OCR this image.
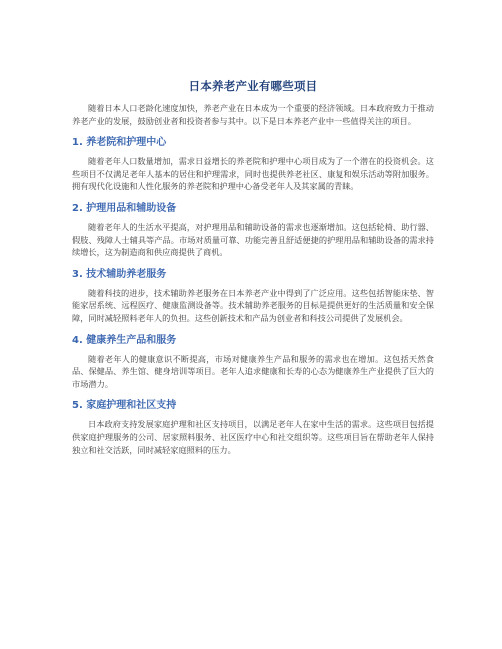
日本养老产业有哪些项目

随着日本人口老龄化速度加快，养老产业在日本成为一个重要的经济领域。日本政府致力于推动养老产业的发展，鼓励创业者和投资者参与其中。以下是日本养老产业中一些值得关注的项目。

1. 养老院和护理中心

随着老年人口数量增加，需求日益增长的养老院和护理中心项目成为了一个潜在的投资机会。这些项目不仅满足老年人基本的居住和护理需求，同时也提供养老社区、康复和娱乐活动等附加服务。拥有现代化设施和人性化服务的养老院和护理中心备受老年人及其家属的青睐。

2. 护理用品和辅助设备

随着老年人的生活水平提高，对护理用品和辅助设备的需求也逐渐增加。这包括轮椅、助行器、假肢、残障人士辅具等产品。市场对质量可靠、功能完善且舒适便捷的护理用品和辅助设备的需求持续增长，这为制造商和供应商提供了商机。

3. 技术辅助养老服务

随着科技的进步，技术辅助养老服务在日本养老产业中得到了广泛应用。这些包括智能床垫、智能家居系统、远程医疗、健康监测设备等。技术辅助养老服务的目标是提供更好的生活质量和安全保障，同时减轻照料老年人的负担。这些创新技术和产品为创业者和科技公司提供了发展机会。

4. 健康养生产品和服务

随着老年人的健康意识不断提高，市场对健康养生产品和服务的需求也在增加。这包括天然食品、保健品、养生馆、健身培训等项目。老年人追求健康和长寿的心态为健康养生产业提供了巨大的市场潜力。

5. 家庭护理和社区支持

日本政府支持发展家庭护理和社区支持项目，以满足老年人在家中生活的需求。这些项目包括提供家庭护理服务的公司、居家照料服务、社区医疗中心和社交组织等。这些项目旨在帮助老年人保持独立和社交活跃，同时减轻家庭照料的压力。
